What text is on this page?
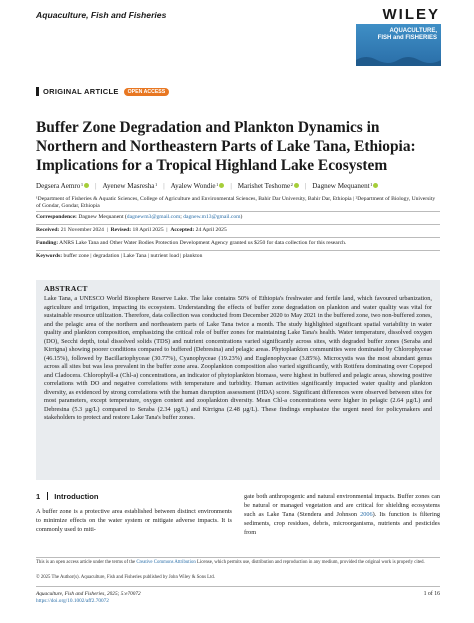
Aquaculture, Fish and Fisheries	WILEY
AQUACULTURE,
FISH and FISHERIES
ORIGINAL ARTICLE	OPEN ACCESS
Buffer Zone Degradation and Plankton Dynamics in Northern and Northeastern Parts of Lake Tana, Ethiopia: Implications for a Tropical Highland Lake Ecosystem
Degsera Aemro$^1$ | Ayenew Masresha$^1$ | Ayalew Wondie$^1$ | Marishet Teshome$^2$ | Dagnew Mequanent$^1$
¹Department of Fisheries & Aquatic Sciences, College of Agriculture and Environmental Sciences, Bahir Dar University, Bahir Dar, Ethiopia | ²Department of Biology, University of Gondar, Gondar, Ethiopia
Correspondence: Dagnew Mequanent (dagnewm3@gmail.com; dagnew.m13@gmail.com)
Received: 21 November 2024  |  Revised: 18 April 2025  |  Accepted: 24 April 2025
Funding: ANRS Lake Tana and Other Water Bodies Protection Development Agency granted us $250 for data collection for this research.
Keywords: buffer zone | degradation | Lake Tana | nutrient load | plankton
ABSTRACT
Lake Tana, a UNESCO World Biosphere Reserve Lake. The lake contains 50% of Ethiopia's freshwater and fertile land, which favoured urbanization, agriculture and irrigation, impacting its ecosystem. Understanding the effects of buffer zone degradation on plankton and water quality was vital for sustainable resource utilization. Therefore, data collection was conducted from December 2020 to May 2021 in the buffered zone, two non-buffered zones, and the pelagic area of the northern and northeastern parts of Lake Tana twice a month. The study highlighted significant spatial variability in water quality and plankton composition, emphasizing the critical role of buffer zones for maintaining Lake Tana's health. Water temperature, dissolved oxygen (DO), Secchi depth, total dissolved solids (TDS) and nutrient concentrations varied significantly across sites, with degraded buffer zones (Seraba and Kirrigna) showing poorer conditions compared to buffered (Debresina) and pelagic areas. Phytoplankton communities were dominated by Chlorophyceae (46.15%), followed by Bacillariophyceae (30.77%), Cyanophyceae (19.23%) and Euglenophyceae (3.85%). Microcystis was the most abundant genus across all sites but was less prevalent in the buffer zone area. Zooplankton composition also varied significantly, with Rotifera dominating over Copepod and Cladocera. Chlorophyll-a (Chl-a) concentrations, an indicator of phytoplankton biomass, were highest in buffered and pelagic areas, showing positive correlations with DO and negative correlations with temperature and turbidity. Human activities significantly impacted water quality and plankton diversity, as evidenced by strong correlations with the human disruption assessment (HDA) score. Significant differences were observed between sites for most parameters, except temperature, oxygen content and zooplankton diversity. Mean Chl-a concentrations were higher in pelagic (2.64 µg/L) and Debresina (5.3 µg/L) compared to Seraba (2.34 µg/L) and Kirrigna (2.48 µg/L). These findings emphasize the urgent need for policymakers and stakeholders to protect and restore Lake Tana's buffer zones.
1 Introduction
A buffer zone is a protective area established between distinct environments to minimize effects on the water system or mitigate adverse impacts. It is commonly used to miti-
gate both anthropogenic and natural environmental impacts. Buffer zones can be natural or managed vegetation and are critical for shielding ecosystems such as Lake Tana (Stendera and Johnson 2006). Its function is filtering sediments, crop residues, debris, microorganisms, nutrients and pesticides from
This is an open access article under the terms of the Creative Commons Attribution License, which permits use, distribution and reproduction in any medium, provided the original work is properly cited.
© 2025 The Author(s). Aquaculture, Fish and Fisheries published by John Wiley & Sons Ltd.
Aquaculture, Fish and Fisheries, 2025; 5:e70072
https://doi.org/10.1002/aff2.70072
1 of 16
